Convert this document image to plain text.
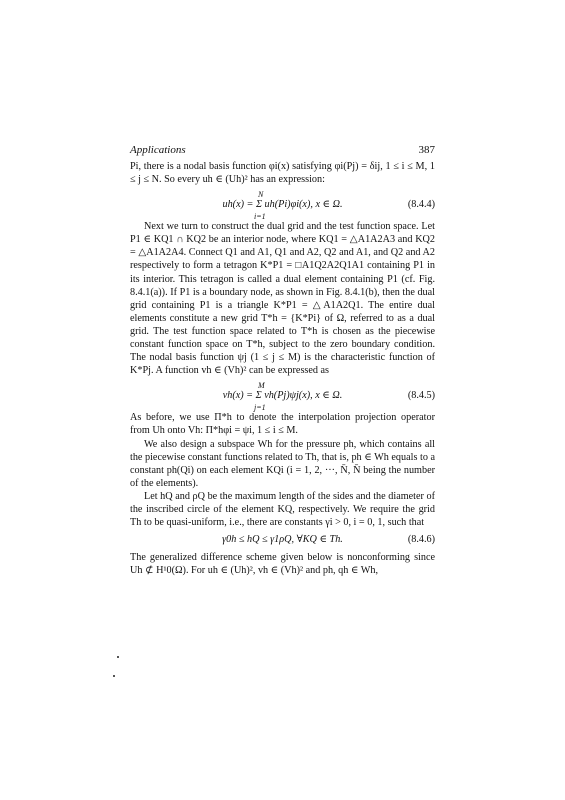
Applications	387

Pi, there is a nodal basis function φi(x) satisfying φi(Pj) = δij, 1 ≤ i ≤ M, 1 ≤ j ≤ N. So every uh ∈ (Uh)² has an expression:

N
uh(x) = Σ uh(Pi)φi(x), x ∈ Ω.
i=1
(8.4.4)

Next we turn to construct the dual grid and the test function space. Let P1 ∈ KQ1 ∩ KQ2 be an interior node, where KQ1 = △A1A2A3 and KQ2 = △A1A2A4. Connect Q1 and A1, Q1 and A2, Q2 and A1, and Q2 and A2 respectively to form a tetragon K*P1 = □A1Q2A2Q1A1 containing P1 in its interior. This tetragon is called a dual element containing P1 (cf. Fig. 8.4.1(a)). If P1 is a boundary node, as shown in Fig. 8.4.1(b), then the dual grid containing P1 is a triangle K*P1 = △A1A2Q1. The entire dual elements constitute a new grid T*h = {K*Pi} of Ω, referred to as a dual grid. The test function space related to T*h is chosen as the piecewise constant function space on T*h, subject to the zero boundary condition. The nodal basis function ψj (1 ≤ j ≤ M) is the characteristic function of K*Pj. A function vh ∈ (Vh)² can be expressed as

M
vh(x) = Σ vh(Pj)ψj(x), x ∈ Ω.
j=1
(8.4.5)

As before, we use Π*h to denote the interpolation projection operator from Uh onto Vh: Π*hφi = ψi, 1 ≤ i ≤ M.

We also design a subspace Wh for the pressure ph, which contains all the piecewise constant functions related to Th, that is, ph ∈ Wh equals to a constant ph(Qi) on each element KQi (i = 1, 2, ···, N̄, N̄ being the number of the elements).

Let hQ and ρQ be the maximum length of the sides and the diameter of the inscribed circle of the element KQ, respectively. We require the grid Th to be quasi-uniform, i.e., there are constants γi > 0, i = 0, 1, such that

γ0h ≤ hQ ≤ γ1ρQ, ∀KQ ∈ Th.	(8.4.6)

The generalized difference scheme given below is nonconforming since Uh ⊄ H¹0(Ω). For uh ∈ (Uh)², vh ∈ (Vh)² and ph, qh ∈ Wh,
